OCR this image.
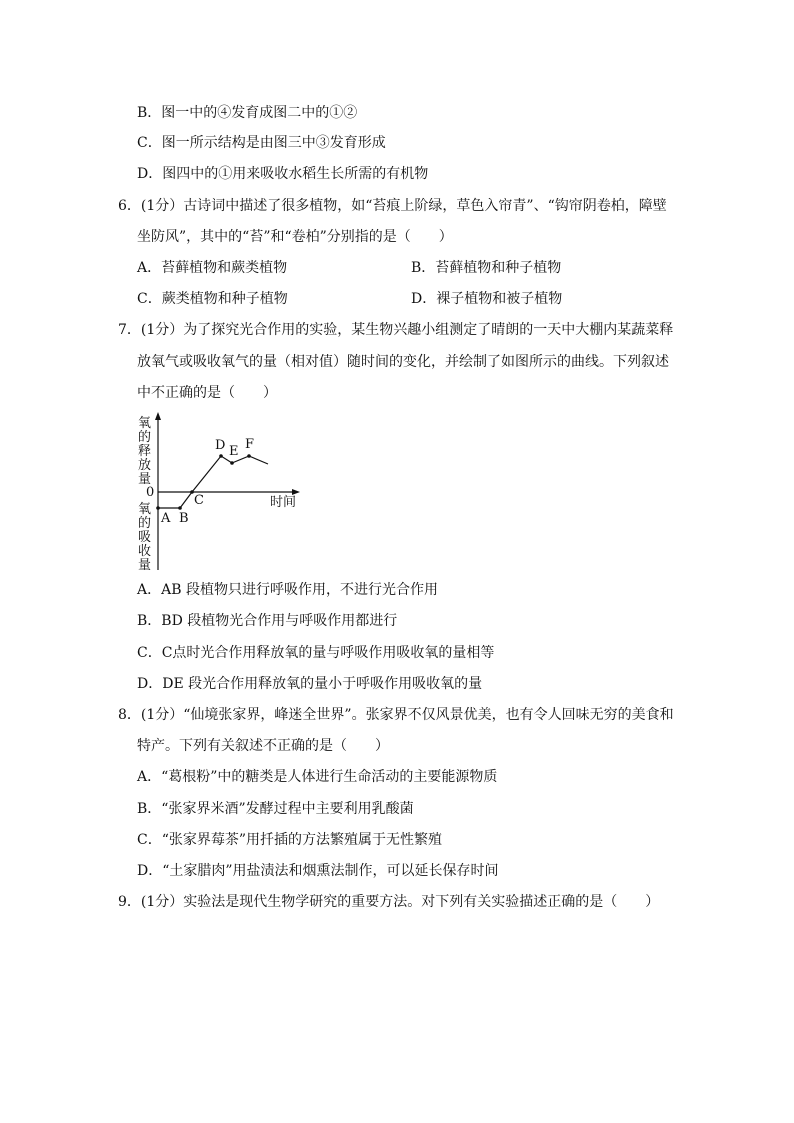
B．图一中的④发育成图二中的①②
C．图一所示结构是由图三中③发育形成
D．图四中的①用来吸收水稻生长所需的有机物
6．(1分）古诗词中描述了很多植物，如“苔痕上阶绿，草色入帘青”、“钩帘阴卷柏，障壁
坐防风”，其中的“苔”和“卷柏”分别指的是（　　）
A．苔藓植物和蕨类植物	B．苔藓植物和种子植物
C．蕨类植物和种子植物	D．裸子植物和被子植物
7．(1分）为了探究光合作用的实验，某生物兴趣小组测定了晴朗的一天中大棚内某蔬菜释
放氧气或吸收氧气的量（相对值）随时间的变化，并绘制了如图所示的曲线。下列叙述
中不正确的是（　　）
氧
的
释
放
量
0
氧
的
吸
收
量
时间
A B
C
D E F
A．AB 段植物只进行呼吸作用，不进行光合作用
B．BD 段植物光合作用与呼吸作用都进行
C．C点时光合作用释放氧的量与呼吸作用吸收氧的量相等
D．DE 段光合作用释放氧的量小于呼吸作用吸收氧的量
8．(1分）“仙境张家界，峰迷全世界”。张家界不仅风景优美，也有令人回味无穷的美食和
特产。下列有关叙述不正确的是（　　）
A．“葛根粉”中的糖类是人体进行生命活动的主要能源物质
B．“张家界米酒”发酵过程中主要利用乳酸菌
C．“张家界莓茶”用扦插的方法繁殖属于无性繁殖
D．“土家腊肉”用盐渍法和烟熏法制作，可以延长保存时间
9．(1分）实验法是现代生物学研究的重要方法。对下列有关实验描述正确的是（　　）
